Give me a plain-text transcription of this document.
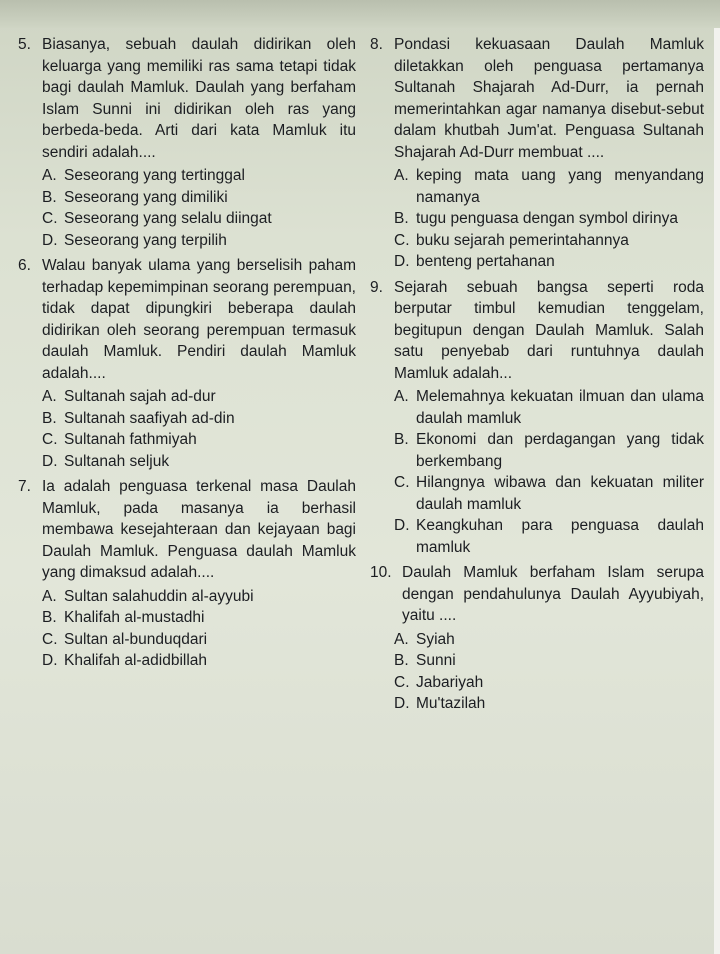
5. Biasanya, sebuah daulah didirikan oleh keluarga yang memiliki ras sama tetapi tidak bagi daulah Mamluk. Daulah yang berfaham Islam Sunni ini didirikan oleh ras yang berbeda-beda. Arti dari kata Mamluk itu sendiri adalah....
A. Seseorang yang tertinggal
B. Seseorang yang dimiliki
C. Seseorang yang selalu diingat
D. Seseorang yang terpilih
6. Walau banyak ulama yang berselisih paham terhadap kepemimpinan seorang perempuan, tidak dapat dipungkiri beberapa daulah didirikan oleh seorang perempuan termasuk daulah Mamluk. Pendiri daulah Mamluk adalah....
A. Sultanah sajah ad-dur
B. Sultanah saafiyah ad-din
C. Sultanah fathmiyah
D. Sultanah seljuk
7. Ia adalah penguasa terkenal masa Daulah Mamluk, pada masanya ia berhasil membawa kesejahteraan dan kejayaan bagi Daulah Mamluk. Penguasa daulah Mamluk yang dimaksud adalah....
A. Sultan salahuddin al-ayyubi
B. Khalifah al-mustadhi
C. Sultan al-bunduqdari
D. Khalifah al-adidbillah
8. Pondasi kekuasaan Daulah Mamluk diletakkan oleh penguasa pertamanya Sultanah Shajarah Ad-Durr, ia pernah memerintahkan agar namanya disebut-sebut dalam khutbah Jum'at. Penguasa Sultanah Shajarah Ad-Durr membuat ....
A. keping mata uang yang menyandang namanya
B. tugu penguasa dengan symbol dirinya
C. buku sejarah pemerintahannya
D. benteng pertahanan
9. Sejarah sebuah bangsa seperti roda berputar timbul kemudian tenggelam, begitupun dengan Daulah Mamluk. Salah satu penyebab dari runtuhnya daulah Mamluk adalah...
A. Melemahnya kekuatan ilmuan dan ulama daulah mamluk
B. Ekonomi dan perdagangan yang tidak berkembang
C. Hilangnya wibawa dan kekuatan militer daulah mamluk
D. Keangkuhan para penguasa daulah mamluk
10. Daulah Mamluk berfaham Islam serupa dengan pendahulunya Daulah Ayyubiyah, yaitu ....
A. Syiah
B. Sunni
C. Jabariyah
D. Mu'tazilah
